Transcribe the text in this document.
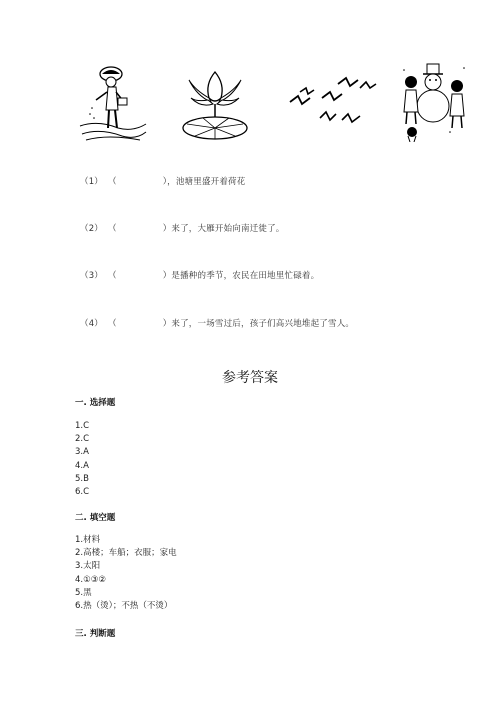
（1） （	），池塘里盛开着荷花
（2） （	）来了，大雁开始向南迁徙了。
（3） （	）是播种的季节，农民在田地里忙碌着。
（4） （	）来了，一场雪过后，孩子们高兴地堆起了雪人。
参考答案
一. 选择题
1.C
2.C
3.A
4.A
5.B
6.C
二. 填空题
1.材料
2.高楼；车船；衣服；家电
3.太阳
4.①③②
5.黑
6.热（烫）；不热（不烫）
三. 判断题
